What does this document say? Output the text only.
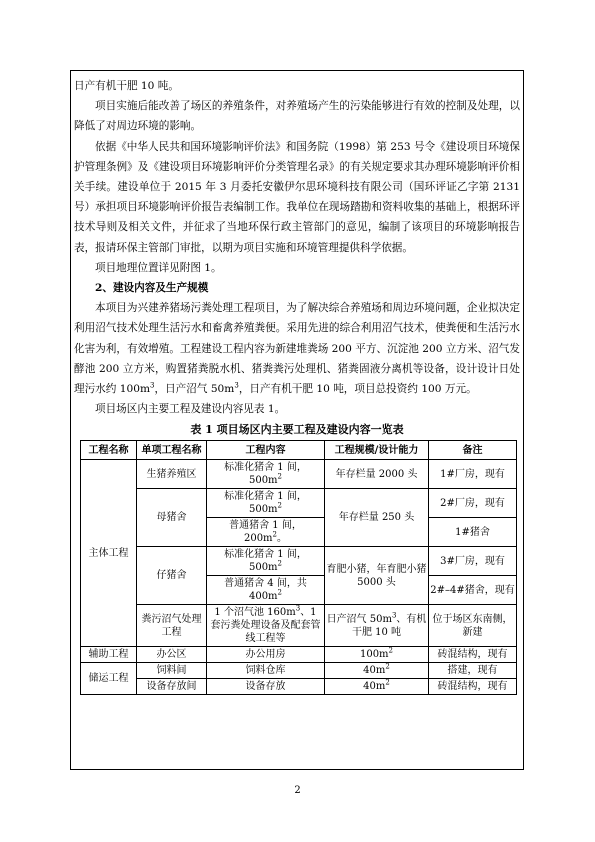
日产有机干肥 10 吨。

项目实施后能改善了场区的养殖条件，对养殖场产生的污染能够进行有效的控制及处理，以降低了对周边环境的影响。

依据《中华人民共和国环境影响评价法》和国务院（1998）第 253 号令《建设项目环境保护管理条例》及《建设项目环境影响评价分类管理名录》的有关规定要求其办理环境影响评价相关手续。建设单位于 2015 年 3 月委托安徽伊尔思环境科技有限公司（国环评证乙字第 2131 号）承担项目环境影响评价报告表编制工作。我单位在现场踏勘和资料收集的基础上，根据环评技术导则及相关文件，并征求了当地环保行政主管部门的意见，编制了该项目的环境影响报告表，报请环保主管部门审批，以期为项目实施和环境管理提供科学依据。

项目地理位置详见附图 1。

2、建设内容及生产规模

本项目为兴建养猪场污粪处理工程项目，为了解决综合养殖场和周边环境问题，企业拟决定利用沼气技术处理生活污水和畜禽养殖粪便。采用先进的综合利用沼气技术，使粪便和生活污水化害为利，有效增殖。工程建设工程内容为新建堆粪场 200 平方、沉淀池 200 立方米、沼气发酵池 200 立方米，购置猪粪脱水机、猪粪粪污处理机、猪粪固液分离机等设备，设计设计日处理污水约 $100m^3$，日产沼气 $50m^3$，日产有机干肥 10 吨，项目总投资约 100 万元。

项目场区内主要工程及建设内容见表 1。

表 1 项目场区内主要工程及建设内容一览表
工程名称	单项工程名称	工程内容	工程规模/设计能力	备注
主体工程	生猪养殖区	标准化猪舍 1 间，$500m^2$	年存栏量 2000 头	1#厂房，现有
	母猪舍	标准化猪舍 1 间，$500m^2$	年存栏量 250 头	2#厂房，现有
		普通猪舍 1 间，$200m^2$。		1#猪舍
	仔猪舍	标准化猪舍 1 间，$500m^2$	育肥小猪，年育肥小猪 5000 头	3#厂房，现有
		普通猪舍 4 间，共 $400m^2$		2#–4#猪舍，现有
	粪污沼气处理工程	1 个沼气池 $160m^3$、1 套污粪处理设备及配套管线工程等	日产沼气 $50m^3$、有机干肥 10 吨	位于场区东南侧，新建
辅助工程	办公区	办公用房	$100m^2$	砖混结构，现有
储运工程	饲料间	饲料仓库	$40m^2$	搭建，现有
	设备存放间	设备存放	$40m^2$	砖混结构，现有
2
